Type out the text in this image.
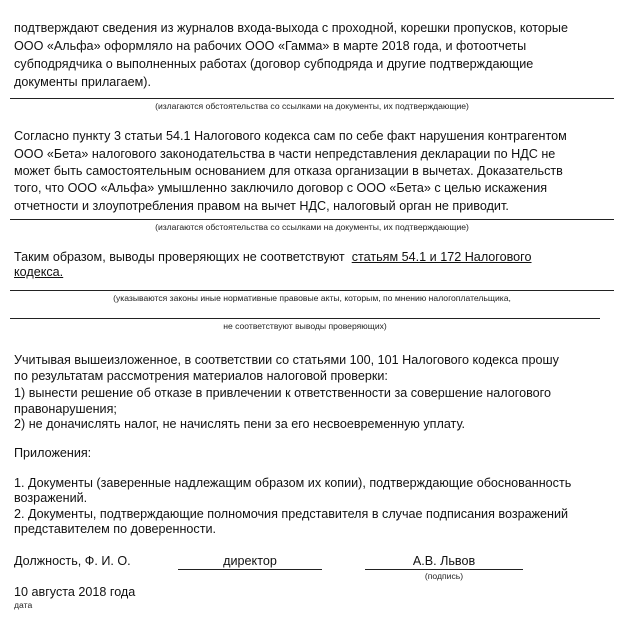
подтверждают сведения из журналов входа-выхода с проходной, корешки пропусков, которые
ООО «Альфа» оформляло на рабочих ООО «Гамма» в марте 2018 года, и фотоотчеты
субподрядчика о выполненных работах (договор субподряда и другие подтверждающие
документы прилагаем).
(излагаются обстоятельства со ссылками на документы, их подтверждающие)
Согласно пункту 3 статьи 54.1 Налогового кодекса сам по себе факт нарушения контрагентом
ООО «Бета» налогового законодательства в части непредставления декларации по НДС не
может быть самостоятельным основанием для отказа организации в вычетах. Доказательств
того, что ООО «Альфа» умышленно заключило договор с ООО «Бета» с целью искажения
отчетности и злоупотребления правом на вычет НДС, налоговый орган не приводит.
(излагаются обстоятельства со ссылками на документы, их подтверждающие)
Таким образом, выводы проверяющих не соответствуют статьям 54.1 и 172 Налогового
кодекса.
(указываются законы иные нормативные правовые акты, которым, по мнению налогоплательщика,
не соответствуют выводы проверяющих)
Учитывая вышеизложенное, в соответствии со статьями 100, 101 Налогового кодекса прошу
по результатам рассмотрения материалов налоговой проверки:
1) вынести решение об отказе в привлечении к ответственности за совершение налогового
правонарушения;
2) не доначислять налог, не начислять пени за его несвоевременную уплату.
Приложения:
1. Документы (заверенные надлежащим образом их копии), подтверждающие обоснованность
возражений.
2. Документы, подтверждающие полномочия представителя в случае подписания возражений
представителем по доверенности.
Должность, Ф. И. О.	директор	А.В. Львов
(подпись)
10 августа 2018 года
дата
